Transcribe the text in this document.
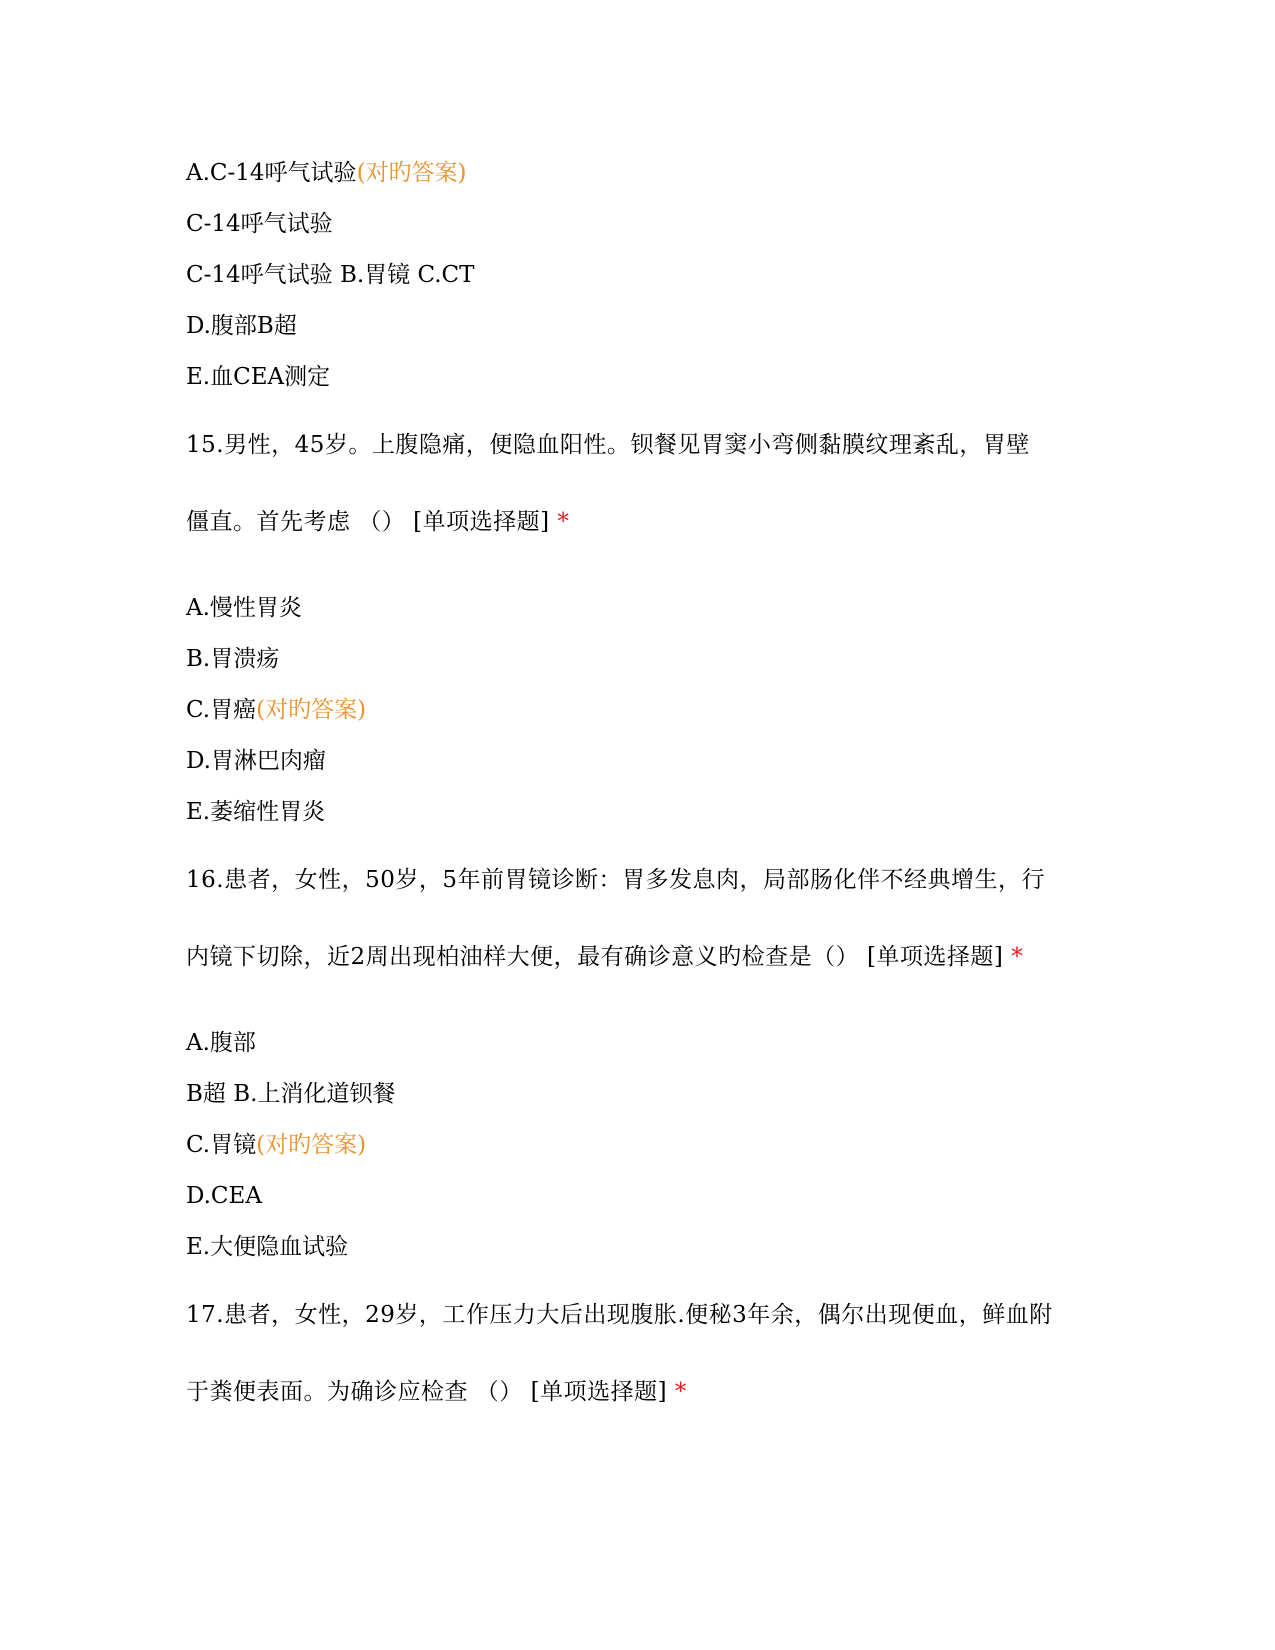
A.C-14呼气试验(对旳答案)
C-14呼气试验
C-14呼气试验 B.胃镜 C.CT
D.腹部B超
E.血CEA测定
15.男性，45岁。上腹隐痛，便隐血阳性。钡餐见胃窦小弯侧黏膜纹理紊乱，胃壁
僵直。首先考虑 （） [单项选择题] *
A.慢性胃炎
B.胃溃疡
C.胃癌(对旳答案)
D.胃淋巴肉瘤
E.萎缩性胃炎
16.患者，女性，50岁，5年前胃镜诊断：胃多发息肉，局部肠化伴不经典增生，行
内镜下切除，近2周出现柏油样大便，最有确诊意义旳检查是（） [单项选择题] *
A.腹部
B超 B.上消化道钡餐
C.胃镜(对旳答案)
D.CEA
E.大便隐血试验
17.患者，女性，29岁，工作压力大后出现腹胀.便秘3年余，偶尔出现便血，鲜血附
于粪便表面。为确诊应检查 （） [单项选择题] *
